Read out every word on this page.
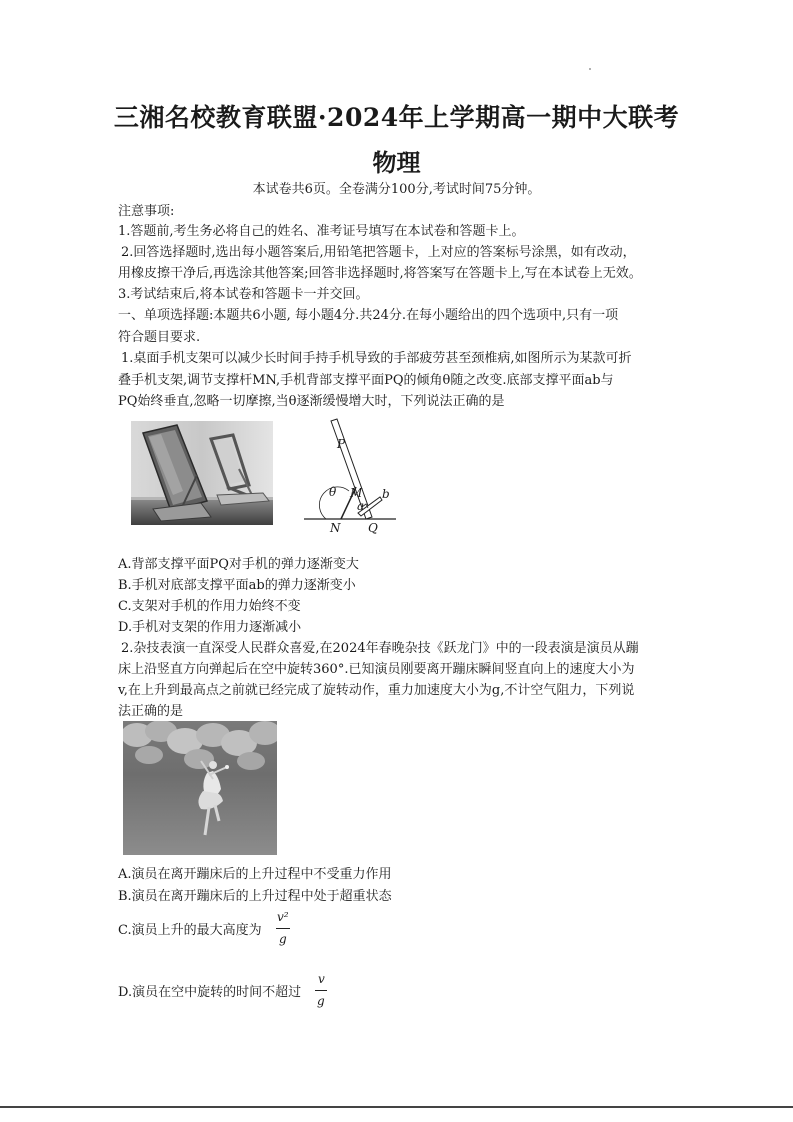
三湘名校教育联盟·2024年上学期高一期中大联考
物理
本试卷共6页。全卷满分100分,考试时间75分钟。
注意事项:
1.答题前,考生务必将自己的姓名、准考证号填写在本试卷和答题卡上。
2.回答选择题时,选出每小题答案后,用铅笔把答题卡，上对应的答案标号涂黑，如有改动，
用橡皮擦干净后,再选涂其他答案;回答非选择题时,将答案写在答题卡上,写在本试卷上无效。
3.考试结束后,将本试卷和答题卡一并交回。
一、单项选择题:本题共6小题, 每小题4分.共24分.在每小题给出的四个选项中,只有一项
符合题目要求.
1.桌面手机支架可以减少长时间手持手机导致的手部疲劳甚至颈椎病,如图所示为某款可折
叠手机支架,调节支撑杆MN,手机背部支撑平面PQ的倾角θ随之改变.底部支撑平面ab与
PQ始终垂直,忽略一切摩擦,当θ逐渐缓慢增大时，下列说法正确的是
P
θ M b
a
N Q
A.背部支撑平面PQ对手机的弹力逐渐变大
B.手机对底部支撑平面ab的弹力逐渐变小
C.支架对手机的作用力始终不变
D.手机对支架的作用力逐渐减小
2.杂技表演一直深受人民群众喜爱,在2024年春晚杂技《跃龙门》中的一段表演是演员从蹦
床上沿竖直方向弹起后在空中旋转360°.已知演员刚要离开蹦床瞬间竖直向上的速度大小为
v,在上升到最高点之前就已经完成了旋转动作，重力加速度大小为g,不计空气阻力，下列说
法正确的是
A.演员在离开蹦床后的上升过程中不受重力作用
B.演员在离开蹦床后的上升过程中处于超重状态
C.演员上升的最大高度为
v²
g
D.演员在空中旋转的时间不超过
v
g
